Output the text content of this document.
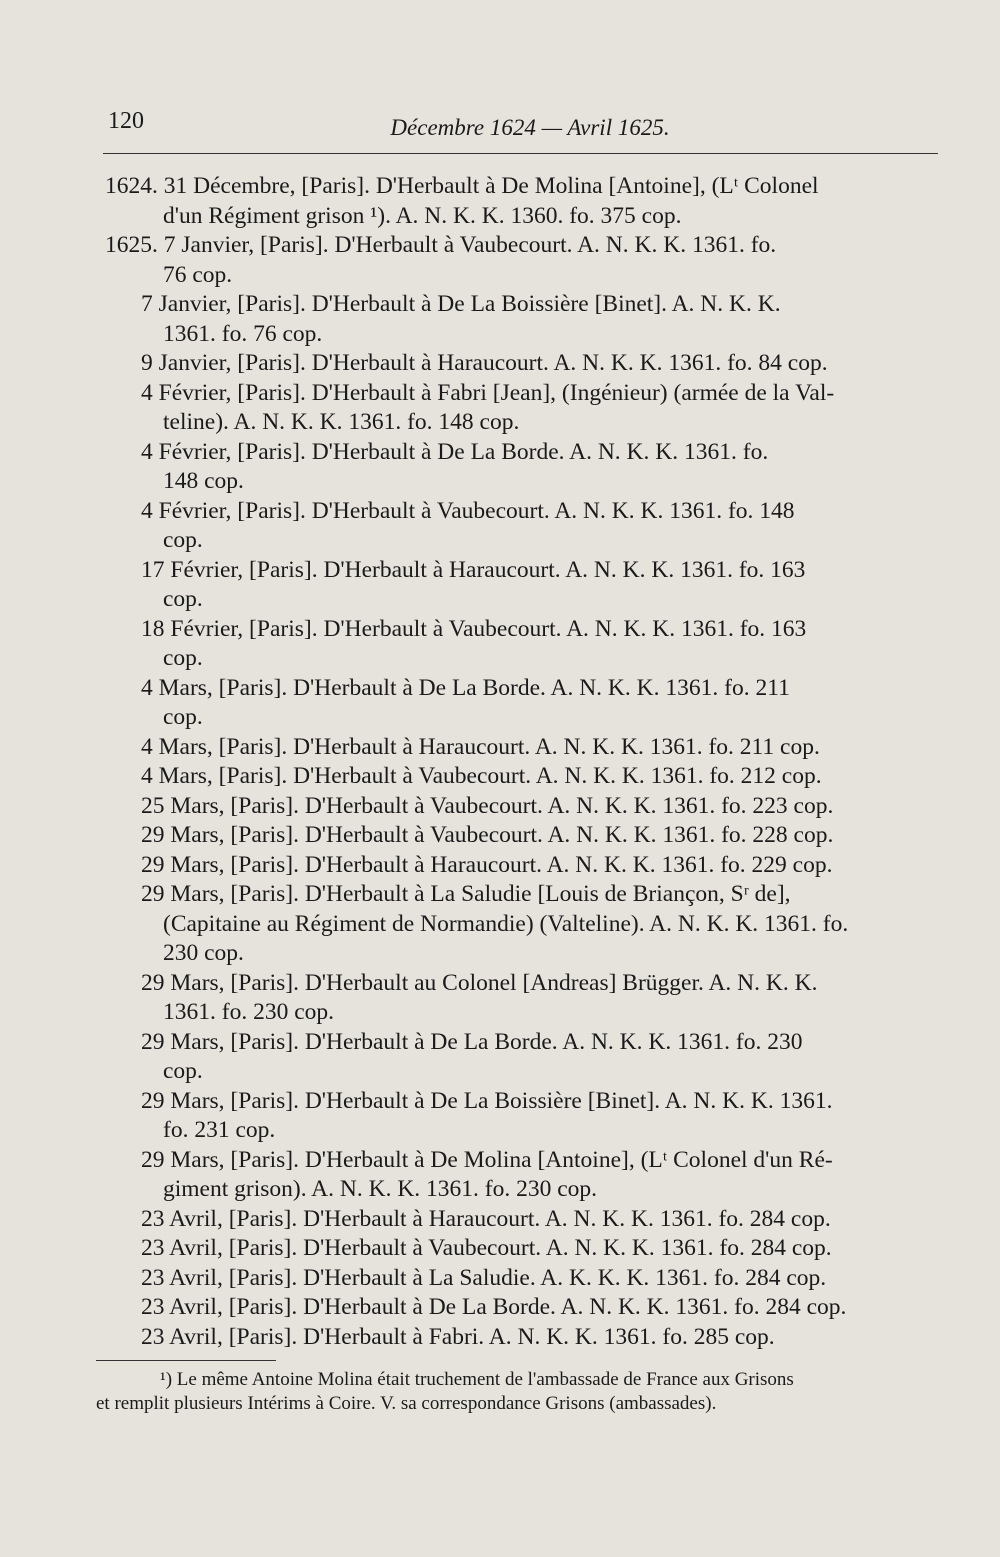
120	Décembre 1624 — Avril 1625.
1624. 31 Décembre, [Paris]. D'Herbault à De Molina [Antoine], (Lᵗ Colonel
d'un Régiment grison ¹). A. N. K. K. 1360. fo. 375 cop.
1625. 7 Janvier, [Paris]. D'Herbault à Vaubecourt. A. N. K. K. 1361. fo.
76 cop.
7 Janvier, [Paris]. D'Herbault à De La Boissière [Binet]. A. N. K. K.
1361. fo. 76 cop.
9 Janvier, [Paris]. D'Herbault à Haraucourt. A. N. K. K. 1361. fo. 84 cop.
4 Février, [Paris]. D'Herbault à Fabri [Jean], (Ingénieur) (armée de la Val-
teline). A. N. K. K. 1361. fo. 148 cop.
4 Février, [Paris]. D'Herbault à De La Borde. A. N. K. K. 1361. fo.
148 cop.
4 Février, [Paris]. D'Herbault à Vaubecourt. A. N. K. K. 1361. fo. 148
cop.
17 Février, [Paris]. D'Herbault à Haraucourt. A. N. K. K. 1361. fo. 163
cop.
18 Février, [Paris]. D'Herbault à Vaubecourt. A. N. K. K. 1361. fo. 163
cop.
4 Mars, [Paris]. D'Herbault à De La Borde. A. N. K. K. 1361. fo. 211
cop.
4 Mars, [Paris]. D'Herbault à Haraucourt. A. N. K. K. 1361. fo. 211 cop.
4 Mars, [Paris]. D'Herbault à Vaubecourt. A. N. K. K. 1361. fo. 212 cop.
25 Mars, [Paris]. D'Herbault à Vaubecourt. A. N. K. K. 1361. fo. 223 cop.
29 Mars, [Paris]. D'Herbault à Vaubecourt. A. N. K. K. 1361. fo. 228 cop.
29 Mars, [Paris]. D'Herbault à Haraucourt. A. N. K. K. 1361. fo. 229 cop.
29 Mars, [Paris]. D'Herbault à La Saludie [Louis de Briançon, Sʳ de],
(Capitaine au Régiment de Normandie) (Valteline). A. N. K. K. 1361. fo.
230 cop.
29 Mars, [Paris]. D'Herbault au Colonel [Andreas] Brügger. A. N. K. K.
1361. fo. 230 cop.
29 Mars, [Paris]. D'Herbault à De La Borde. A. N. K. K. 1361. fo. 230
cop.
29 Mars, [Paris]. D'Herbault à De La Boissière [Binet]. A. N. K. K. 1361.
fo. 231 cop.
29 Mars, [Paris]. D'Herbault à De Molina [Antoine], (Lᵗ Colonel d'un Ré-
giment grison). A. N. K. K. 1361. fo. 230 cop.
23 Avril, [Paris]. D'Herbault à Haraucourt. A. N. K. K. 1361. fo. 284 cop.
23 Avril, [Paris]. D'Herbault à Vaubecourt. A. N. K. K. 1361. fo. 284 cop.
23 Avril, [Paris]. D'Herbault à La Saludie. A. K. K. K. 1361. fo. 284 cop.
23 Avril, [Paris]. D'Herbault à De La Borde. A. N. K. K. 1361. fo. 284 cop.
23 Avril, [Paris]. D'Herbault à Fabri. A. N. K. K. 1361. fo. 285 cop.
¹) Le même Antoine Molina était truchement de l'ambassade de France aux Grisons
et remplit plusieurs Intérims à Coire. V. sa correspondance Grisons (ambassades).
